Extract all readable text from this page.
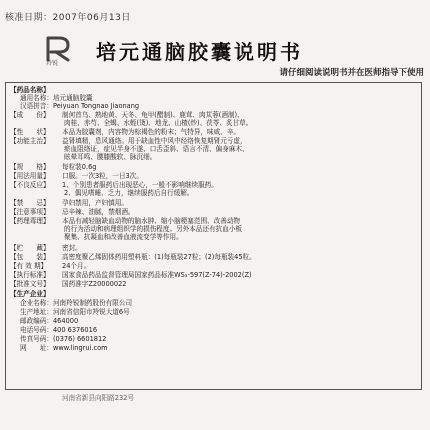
核准日期：2007年06月13日
羚锐 培元通脑胶囊说明书
请仔细阅读说明书并在医师指导下使用
【药品名称】
通用名称：培元通脑胶囊
汉语拼音：Peiyuan Tongnao Jiaonang
【成　　份】 制何首乌、熟地黄、天冬、龟甲(醋制)、鹿茸、肉苁蓉(酒制)、
肉桂、赤芍、全蝎、水蛭(烫)、地龙、山楂(炒)、茯苓、炙甘草。
【性　　状】 本品为胶囊剂，内容物为棕褐色的粉末；气特异，味咸、辛。
【功能主治】 益肾填精，息风通络。用于缺血性中风中经络恢复期肾元亏虚，
瘀血阻络证，症见半身不遂、口舌歪斜、语言不清、偏身麻木、
眩晕耳鸣、腰膝酸软、脉沉细。
【规　　格】 每粒装0.6g
【用法用量】 口服。一次3粒，一日3次。
【不良反应】 1、个别患者服药后出现恶心，一般不影响继续服药。
2、偶见嗜睡、乏力，继续服药后自行缓解。
【禁　　忌】 孕妇禁用，产妇慎用。
【注意事项】 忌辛辣、油腻，禁烟酒。
【药理毒理】 本品有减轻脑缺血动物的脑水肿、缩小脑梗塞范围、改善动物
的行为活动和病理组织学的损伤程度。另外本品还有抗血小板
聚集、抗凝血和改善血液流变学等作用。
【贮　　藏】 密封。
【包　　装】 高密度聚乙烯固体药用塑料瓶：(1)每瓶装27粒；(2)每瓶装45粒。
【有 效 期】 24个月。
【执行标准】 国家食品药品监督管理局国家药品标准WS₃-597(Z-74)-2002(Z)
【批准文号】 国药准字Z20000022
【生产企业】
企业名称：河南羚锐制药股份有限公司
生产地址：河南省信阳市羚锐大道6号
邮政编码：464000
电话号码：400 6376016
传真号码：(0376) 6601812
网　　址：www.lingrui.com
河南省新县向阳路232号
